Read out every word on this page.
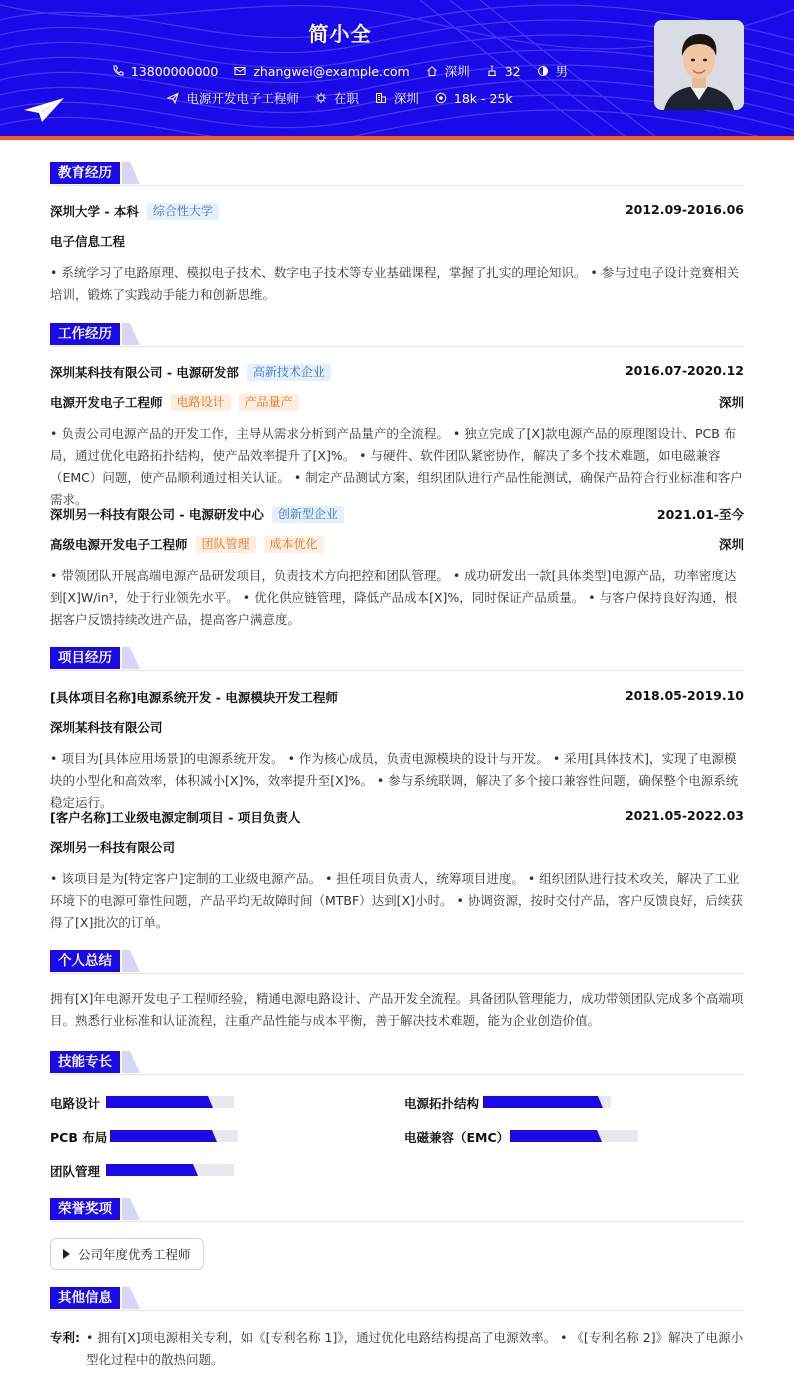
简小全
13800000000	zhangwei@example.com	深圳	32	男
电源开发电子工程师	在职	深圳	18k - 25k
教育经历
深圳大学 - 本科	综合性大学	2012.09-2016.06
电子信息工程
• 系统学习了电路原理、模拟电子技术、数字电子技术等专业基础课程，掌握了扎实的理论知识。 • 参与过电子设计竞赛相关培训，锻炼了实践动手能力和创新思维。
工作经历
深圳某科技有限公司 - 电源研发部	高新技术企业	2016.07-2020.12
电源开发电子工程师	电路设计	产品量产	深圳
• 负责公司电源产品的开发工作，主导从需求分析到产品量产的全流程。 • 独立完成了[X]款电源产品的原理图设计、PCB 布局，通过优化电路拓扑结构，使产品效率提升了[X]%。 • 与硬件、软件团队紧密协作，解决了多个技术难题，如电磁兼容（EMC）问题，使产品顺利通过相关认证。 • 制定产品测试方案，组织团队进行产品性能测试，确保产品符合行业标准和客户需求。
深圳另一科技有限公司 - 电源研发中心	创新型企业	2021.01-至今
高级电源开发电子工程师	团队管理	成本优化	深圳
• 带领团队开展高端电源产品研发项目，负责技术方向把控和团队管理。 • 成功研发出一款[具体类型]电源产品，功率密度达到[X]W/in³，处于行业领先水平。 • 优化供应链管理，降低产品成本[X]%，同时保证产品质量。 • 与客户保持良好沟通，根据客户反馈持续改进产品，提高客户满意度。
项目经历
[具体项目名称]电源系统开发 - 电源模块开发工程师	2018.05-2019.10
深圳某科技有限公司
• 项目为[具体应用场景]的电源系统开发。 • 作为核心成员，负责电源模块的设计与开发。 • 采用[具体技术]，实现了电源模块的小型化和高效率，体积减小[X]%，效率提升至[X]%。 • 参与系统联调，解决了多个接口兼容性问题，确保整个电源系统稳定运行。
[客户名称]工业级电源定制项目 - 项目负责人	2021.05-2022.03
深圳另一科技有限公司
• 该项目是为[特定客户]定制的工业级电源产品。 • 担任项目负责人，统筹项目进度。 • 组织团队进行技术攻关，解决了工业环境下的电源可靠性问题，产品平均无故障时间（MTBF）达到[X]小时。 • 协调资源，按时交付产品，客户反馈良好，后续获得了[X]批次的订单。
个人总结
拥有[X]年电源开发电子工程师经验，精通电源电路设计、产品开发全流程。具备团队管理能力，成功带领团队完成多个高端项目。熟悉行业标准和认证流程，注重产品性能与成本平衡，善于解决技术难题，能为企业创造价值。
技能专长
电路设计	电源拓扑结构
PCB 布局	电磁兼容（EMC）
团队管理
荣誉奖项
公司年度优秀工程师
其他信息
专利: • 拥有[X]项电源相关专利，如《[专利名称 1]》，通过优化电路结构提高了电源效率。 • 《[专利名称 2]》解决了电源小型化过程中的散热问题。
